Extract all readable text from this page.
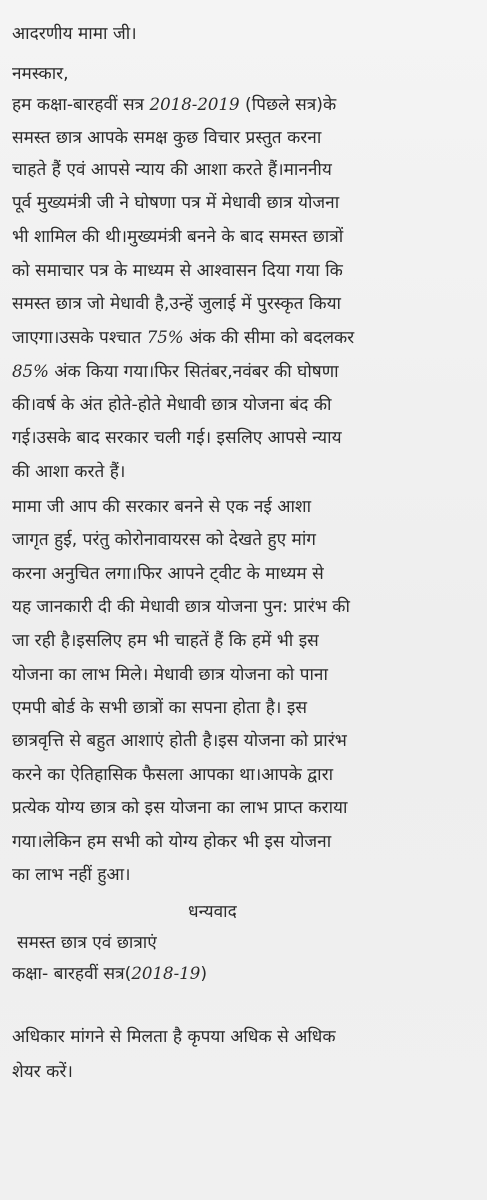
आदरणीय मामा जी।
नमस्कार,
हम कक्षा-बारहवीं सत्र 2018-2019 (पिछले सत्र)के
समस्त छात्र आपके समक्ष कुछ विचार प्रस्तुत करना
चाहते हैं एवं आपसे न्याय की आशा करते हैं।माननीय
पूर्व मुख्यमंत्री जी ने घोषणा पत्र में मेधावी छात्र योजना
भी शामिल की थी।मुख्यमंत्री बनने के बाद समस्त छात्रों
को समाचार पत्र के माध्यम से आश्वासन दिया गया कि
समस्त छात्र जो मेधावी है,उन्हें जुलाई में पुरस्कृत किया
जाएगा।उसके पश्चात 75% अंक की सीमा को बदलकर
85% अंक किया गया।फिर सितंबर,नवंबर की घोषणा
की।वर्ष के अंत होते-होते मेधावी छात्र योजना बंद की
गई।उसके बाद सरकार चली गई। इसलिए आपसे न्याय
की आशा करते हैं।
मामा जी आप की सरकार बनने से एक नई आशा
जागृत हुई, परंतु कोरोनावायरस को देखते हुए मांग
करना अनुचित लगा।फिर आपने ट्वीट के माध्यम से
यह जानकारी दी की मेधावी छात्र योजना पुन: प्रारंभ की
जा रही है।इसलिए हम भी चाहतें हैं कि हमें भी इस
योजना का लाभ मिले। मेधावी छात्र योजना को पाना
एमपी बोर्ड के सभी छात्रों का सपना होता है। इस
छात्रवृत्ति से बहुत आशाएं होती है।इस योजना को प्रारंभ
करने का ऐतिहासिक फैसला आपका था।आपके द्वारा
प्रत्येक योग्य छात्र को इस योजना का लाभ प्राप्त कराया
गया।लेकिन हम सभी को योग्य होकर भी इस योजना
का लाभ नहीं हुआ।
धन्यवाद
समस्त छात्र एवं छात्राएं
कक्षा- बारहवीं सत्र(2018-19)
अधिकार मांगने से मिलता है कृपया अधिक से अधिक
शेयर करें।
